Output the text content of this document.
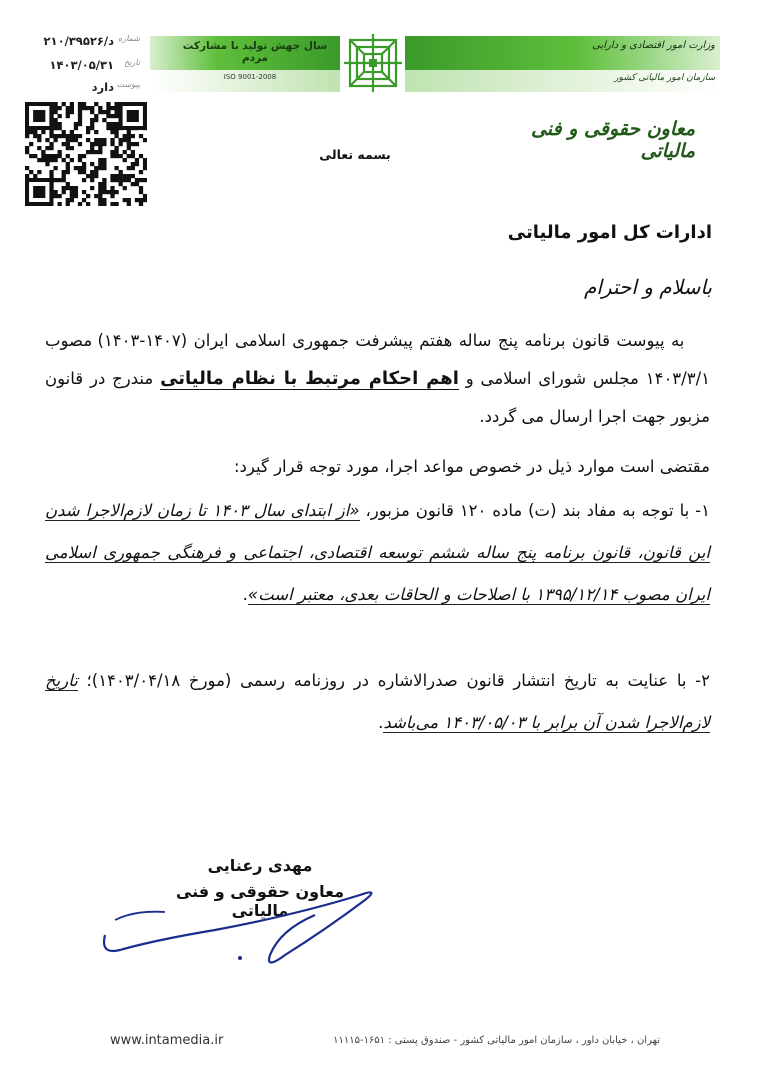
سال جهش تولید با مشارکت مردم
ISO 9001-2008
وزارت امور اقتصادی و دارایی
سازمان امور مالیاتی کشور
شماره
د/۲۱۰/۳۹۵۲۶
تاریخ
۱۴۰۳/۰۵/۳۱
پیوست
دارد
معاون حقوقی و فنی مالیاتی
بسمه تعالی
ادارات کل امور مالیاتی
باسلام و احترام
به پیوست قانون برنامه پنج ساله هفتم پیشرفت جمهوری اسلامی ایران (۱۴۰۷-۱۴۰۳) مصوب ۱۴۰۳/۳/۱ مجلس شورای اسلامی و اهم احکام مرتبط با نظام مالیاتی مندرج در قانون مزبور جهت اجرا ارسال می گردد.
مقتضی است موارد ذیل در خصوص مواعد اجرا، مورد توجه قرار گیرد:
۱- با توجه به مفاد بند (ت) ماده ۱۲۰ قانون مزبور، «از ابتدای سال ۱۴۰۳ تا زمان لازم‌الاجرا شدن این قانون، قانون برنامه پنج ساله ششم توسعه اقتصادی، اجتماعی و فرهنگی جمهوری اسلامی ایران مصوب ۱۳۹۵/۱۲/۱۴ با اصلاحات و الحاقات بعدی، معتبر است».
۲- با عنایت به تاریخ انتشار قانون صدرالاشاره در روزنامه رسمی (مورخ ۱۴۰۳/۰۴/۱۸)؛ تاریخ لازم‌الاجرا شدن آن برابر با ۱۴۰۳/۰۵/۰۳ می‌باشد.
مهدی رعنایی
معاون حقوقی و فنی مالیاتی
www.intamedia.ir	تهران ، خیابان داور ، سازمان امور مالیاتی کشور - صندوق پستی : ۱۶۵۱-۱۱۱۱۵
